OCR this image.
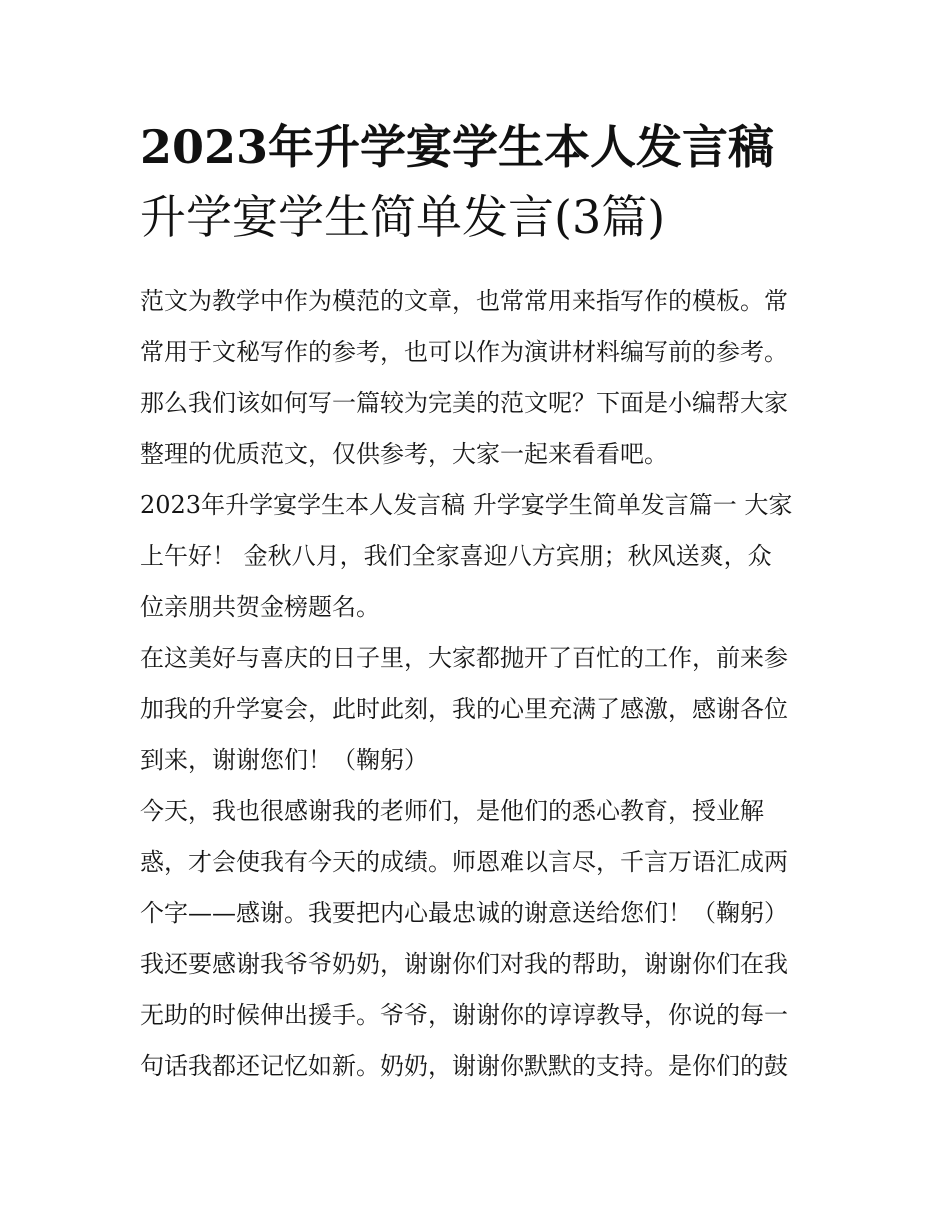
2023年升学宴学生本人发言稿
升学宴学生简单发言(3篇)
范文为教学中作为模范的文章，也常常用来指写作的模板。常
常用于文秘写作的参考，也可以作为演讲材料编写前的参考。
那么我们该如何写一篇较为完美的范文呢？下面是小编帮大家
整理的优质范文，仅供参考，大家一起来看看吧。
2023年升学宴学生本人发言稿 升学宴学生简单发言篇一 大家
上午好！ 金秋八月，我们全家喜迎八方宾朋；秋风送爽，众
位亲朋共贺金榜题名。
在这美好与喜庆的日子里，大家都抛开了百忙的工作，前来参
加我的升学宴会，此时此刻，我的心里充满了感激，感谢各位
到来，谢谢您们！（鞠躬）
今天，我也很感谢我的老师们，是他们的悉心教育，授业解
惑，才会使我有今天的成绩。师恩难以言尽，千言万语汇成两
个字——感谢。我要把内心最忠诚的谢意送给您们！（鞠躬）
我还要感谢我爷爷奶奶，谢谢你们对我的帮助，谢谢你们在我
无助的时候伸出援手。爷爷，谢谢你的谆谆教导，你说的每一
句话我都还记忆如新。奶奶，谢谢你默默的支持。是你们的鼓
